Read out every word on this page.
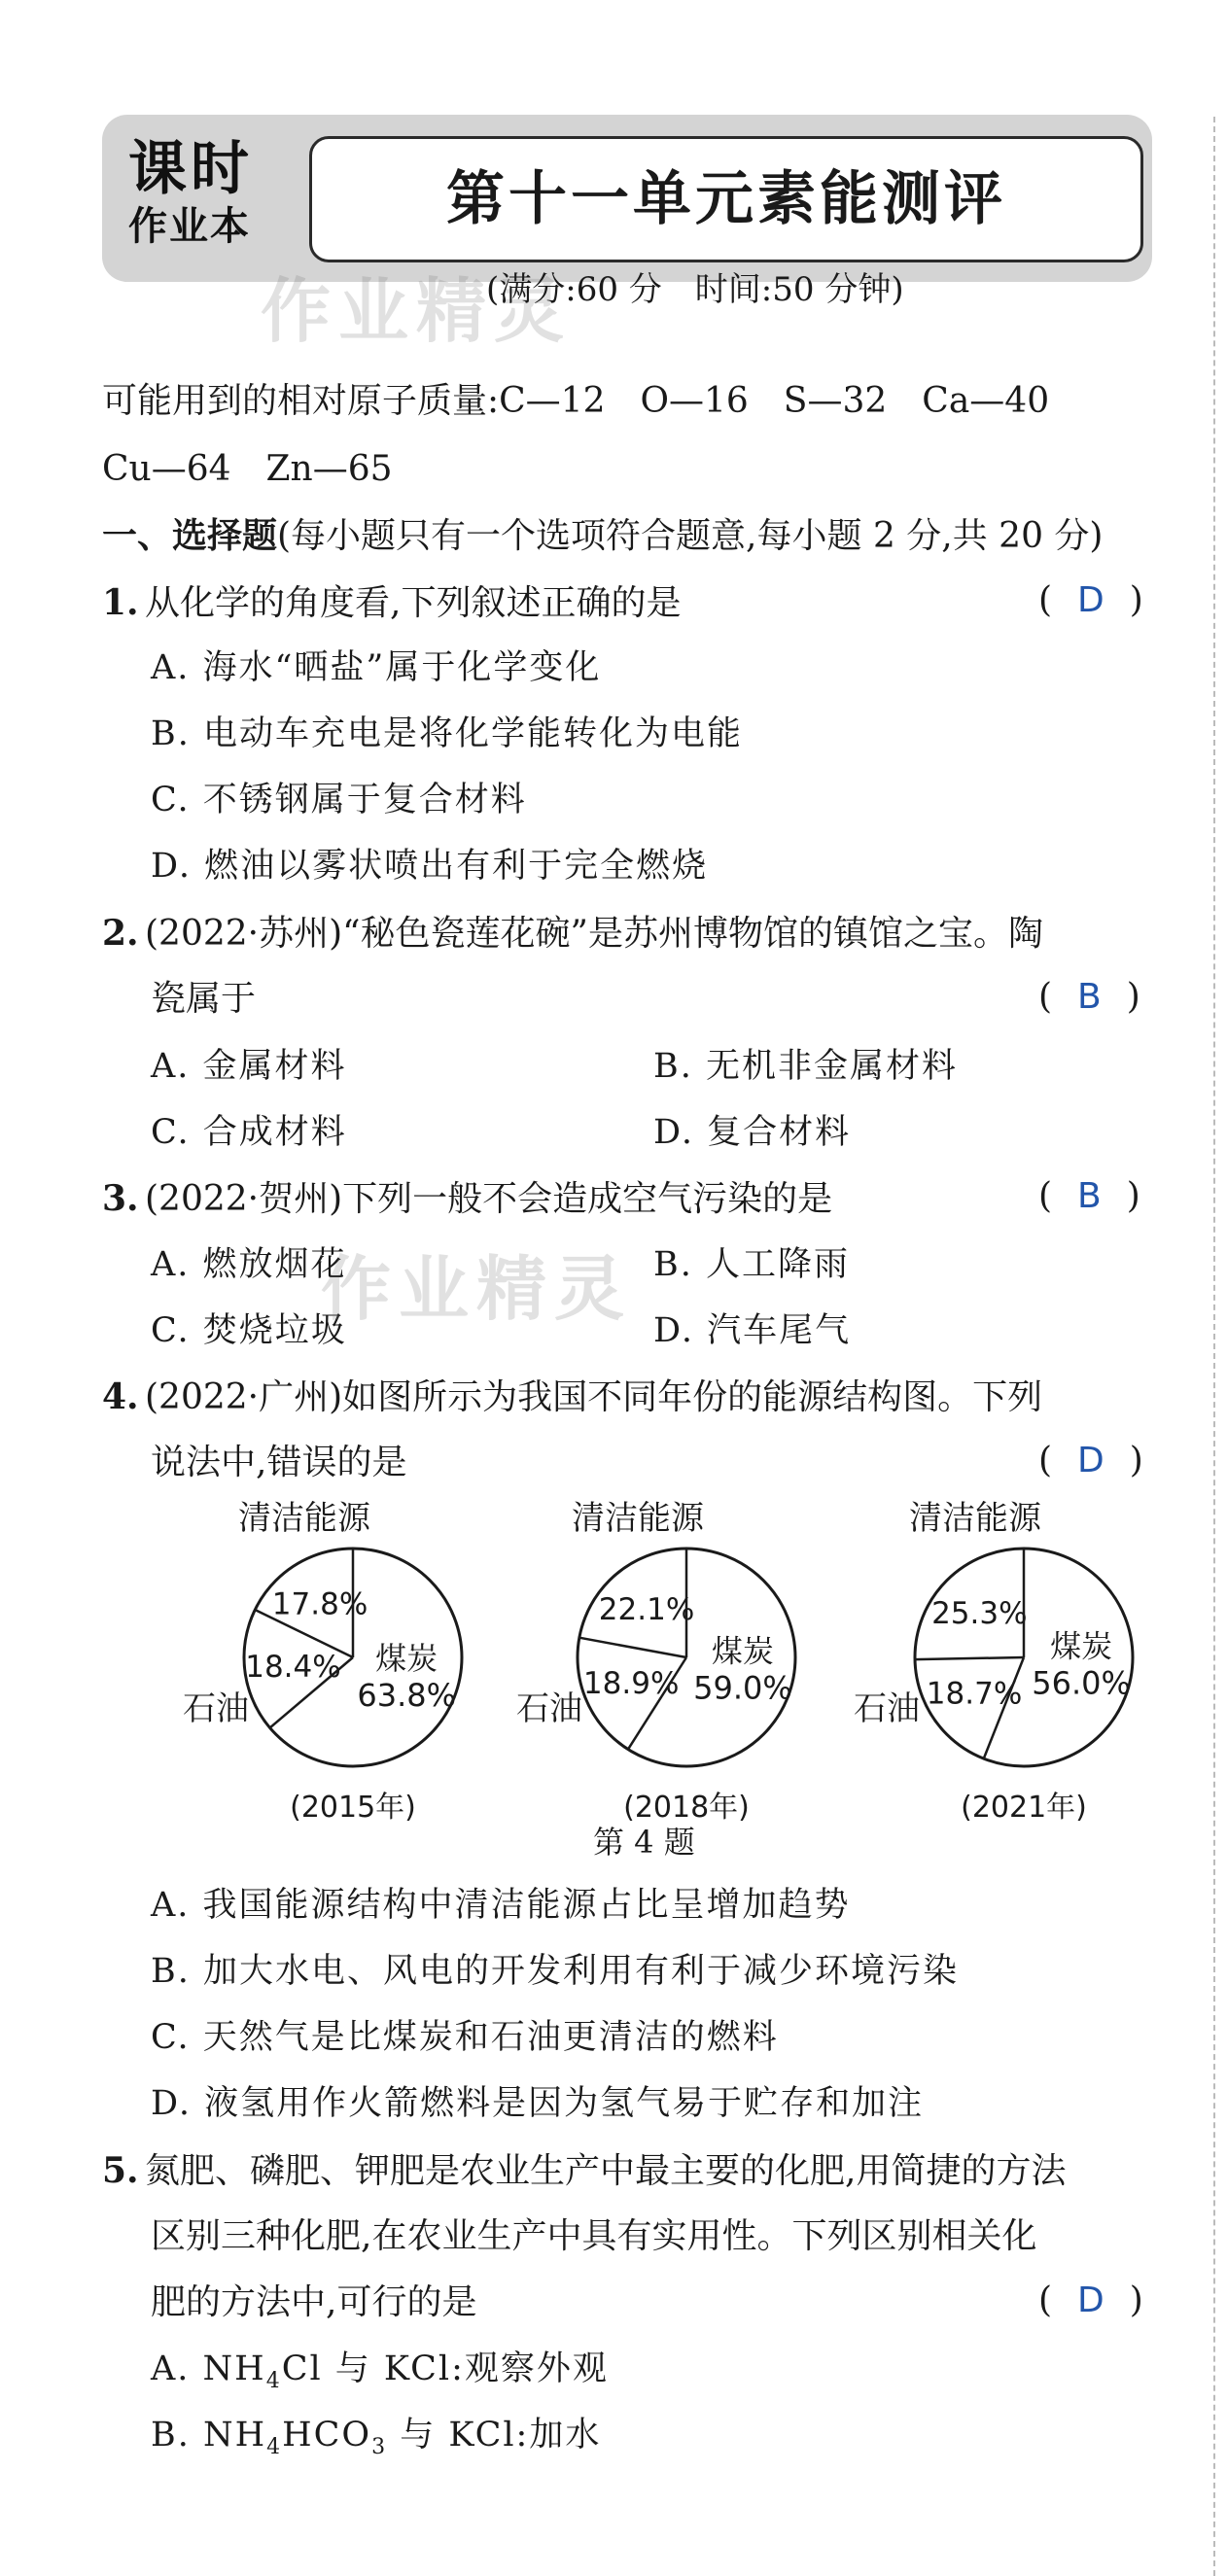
课时
作业本	第十一单元素能测评
作业精灵
(满分:60 分　时间:50 分钟)
可能用到的相对原子质量:C—12　O—16　S—32　Ca—40
Cu—64　Zn—65
一、选择题(每小题只有一个选项符合题意,每小题 2 分,共 20 分)
1. 从化学的角度看,下列叙述正确的是	( D )
A. 海水“晒盐”属于化学变化
B. 电动车充电是将化学能转化为电能
C. 不锈钢属于复合材料
D. 燃油以雾状喷出有利于完全燃烧
2. (2022·苏州)“秘色瓷莲花碗”是苏州博物馆的镇馆之宝。陶
瓷属于	( B )
A. 金属材料	B. 无机非金属材料
C. 合成材料	D. 复合材料
3. (2022·贺州)下列一般不会造成空气污染的是	( B )
A. 燃放烟花	B. 人工降雨
C. 焚烧垃圾	D. 汽车尾气
作业精灵
4. (2022·广州)如图所示为我国不同年份的能源结构图。下列
说法中,错误的是	( D )
煤炭
63.8%
18.4%
17.8%
清洁能源
石油
(2015年)
煤炭
59.0%
18.9%
22.1%
清洁能源
石油
(2018年)
煤炭
56.0%
18.7%
25.3%
清洁能源
石油
(2021年)
第 4 题
A. 我国能源结构中清洁能源占比呈增加趋势
B. 加大水电、风电的开发利用有利于减少环境污染
C. 天然气是比煤炭和石油更清洁的燃料
D. 液氢用作火箭燃料是因为氢气易于贮存和加注
5. 氮肥、磷肥、钾肥是农业生产中最主要的化肥,用简捷的方法
区别三种化肥,在农业生产中具有实用性。下列区别相关化
肥的方法中,可行的是	( D )
A. $NH_4Cl$ 与 KCl:观察外观
B. $NH_4HCO_3$ 与 KCl:加水
